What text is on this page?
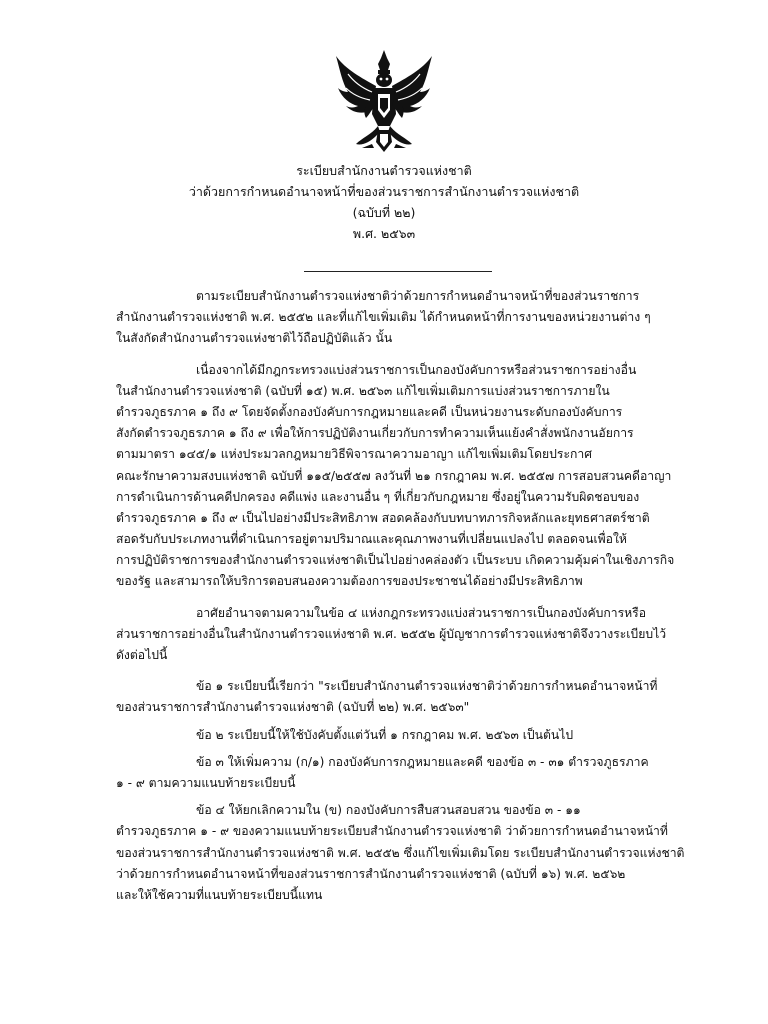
ระเบียบสำนักงานตำรวจแห่งชาติ
ว่าด้วยการกำหนดอำนาจหน้าที่ของส่วนราชการสำนักงานตำรวจแห่งชาติ
(ฉบับที่ ๒๒)
พ.ศ. ๒๕๖๓
ตามระเบียบสำนักงานตำรวจแห่งชาติว่าด้วยการกำหนดอำนาจหน้าที่ของส่วนราชการ
สำนักงานตำรวจแห่งชาติ พ.ศ. ๒๕๕๒ และที่แก้ไขเพิ่มเติม ได้กำหนดหน้าที่การงานของหน่วยงานต่าง ๆ
ในสังกัดสำนักงานตำรวจแห่งชาติไว้ถือปฏิบัติแล้ว นั้น
เนื่องจากได้มีกฎกระทรวงแบ่งส่วนราชการเป็นกองบังคับการหรือส่วนราชการอย่างอื่น
ในสำนักงานตำรวจแห่งชาติ (ฉบับที่ ๑๕) พ.ศ. ๒๕๖๓ แก้ไขเพิ่มเติมการแบ่งส่วนราชการภายใน
ตำรวจภูธรภาค ๑ ถึง ๙ โดยจัดตั้งกองบังคับการกฎหมายและคดี เป็นหน่วยงานระดับกองบังคับการ
สังกัดตำรวจภูธรภาค ๑ ถึง ๙ เพื่อให้การปฏิบัติงานเกี่ยวกับการทำความเห็นแย้งคำสั่งพนักงานอัยการ
ตามมาตรา ๑๔๕/๑ แห่งประมวลกฎหมายวิธีพิจารณาความอาญา แก้ไขเพิ่มเติมโดยประกาศ
คณะรักษาความสงบแห่งชาติ ฉบับที่ ๑๑๕/๒๕๕๗ ลงวันที่ ๒๑ กรกฎาคม พ.ศ. ๒๕๕๗ การสอบสวนคดีอาญา
การดำเนินการด้านคดีปกครอง คดีแพ่ง และงานอื่น ๆ ที่เกี่ยวกับกฎหมาย ซึ่งอยู่ในความรับผิดชอบของ
ตำรวจภูธรภาค ๑ ถึง ๙ เป็นไปอย่างมีประสิทธิภาพ สอดคล้องกับบทบาทภารกิจหลักและยุทธศาสตร์ชาติ
สอดรับกับประเภทงานที่ดำเนินการอยู่ตามปริมาณและคุณภาพงานที่เปลี่ยนแปลงไป ตลอดจนเพื่อให้
การปฏิบัติราชการของสำนักงานตำรวจแห่งชาติเป็นไปอย่างคล่องตัว เป็นระบบ เกิดความคุ้มค่าในเชิงภารกิจ
ของรัฐ และสามารถให้บริการตอบสนองความต้องการของประชาชนได้อย่างมีประสิทธิภาพ
อาศัยอำนาจตามความในข้อ ๔ แห่งกฎกระทรวงแบ่งส่วนราชการเป็นกองบังคับการหรือ
ส่วนราชการอย่างอื่นในสำนักงานตำรวจแห่งชาติ พ.ศ. ๒๕๕๒ ผู้บัญชาการตำรวจแห่งชาติจึงวางระเบียบไว้
ดังต่อไปนี้
ข้อ ๑ ระเบียบนี้เรียกว่า "ระเบียบสำนักงานตำรวจแห่งชาติว่าด้วยการกำหนดอำนาจหน้าที่
ของส่วนราชการสำนักงานตำรวจแห่งชาติ (ฉบับที่ ๒๒) พ.ศ. ๒๕๖๓"
ข้อ ๒ ระเบียบนี้ให้ใช้บังคับตั้งแต่วันที่ ๑ กรกฎาคม พ.ศ. ๒๕๖๓ เป็นต้นไป
ข้อ ๓ ให้เพิ่มความ (ก/๑) กองบังคับการกฎหมายและคดี ของข้อ ๓ - ๓๑ ตำรวจภูธรภาค
๑ - ๙ ตามความแนบท้ายระเบียบนี้
ข้อ ๔ ให้ยกเลิกความใน (ข) กองบังคับการสืบสวนสอบสวน ของข้อ ๓ - ๑๑
ตำรวจภูธรภาค ๑ - ๙ ของความแนบท้ายระเบียบสำนักงานตำรวจแห่งชาติ ว่าด้วยการกำหนดอำนาจหน้าที่
ของส่วนราชการสำนักงานตำรวจแห่งชาติ พ.ศ. ๒๕๕๒ ซึ่งแก้ไขเพิ่มเติมโดย ระเบียบสำนักงานตำรวจแห่งชาติ
ว่าด้วยการกำหนดอำนาจหน้าที่ของส่วนราชการสำนักงานตำรวจแห่งชาติ (ฉบับที่ ๑๖) พ.ศ. ๒๕๖๒
และให้ใช้ความที่แนบท้ายระเบียบนี้แทน
